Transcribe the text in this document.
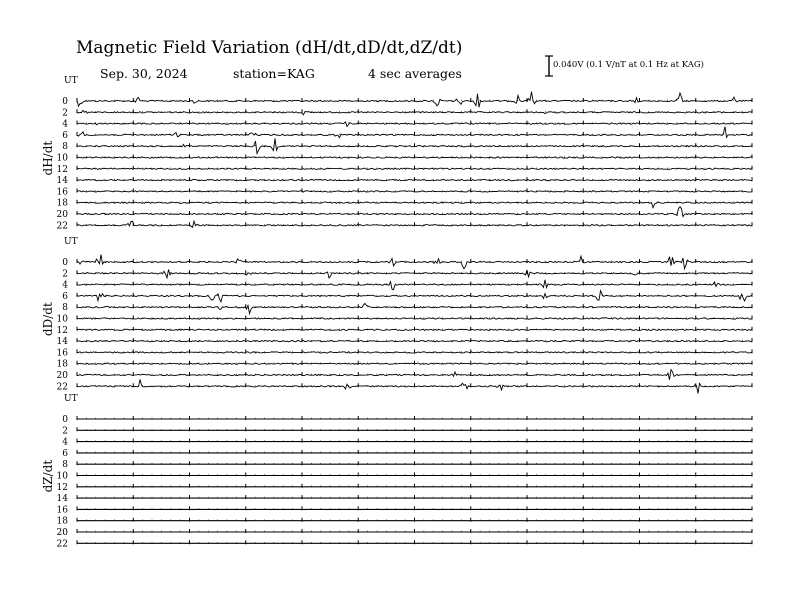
Magnetic Field Variation (dH/dt,dD/dt,dZ/dt)
Sep. 30, 2024	station=KAG	4 sec averages
0.040V (0.1 V/nT at 0.1 Hz at KAG)
UT
dH/dt
0
2
4
6
8
10
12
14
16
18
20
22
UT
dD/dt
0
2
4
6
8
10
12
14
16
18
20
22
UT
dZ/dt
0
2
4
6
8
10
12
14
16
18
20
22
